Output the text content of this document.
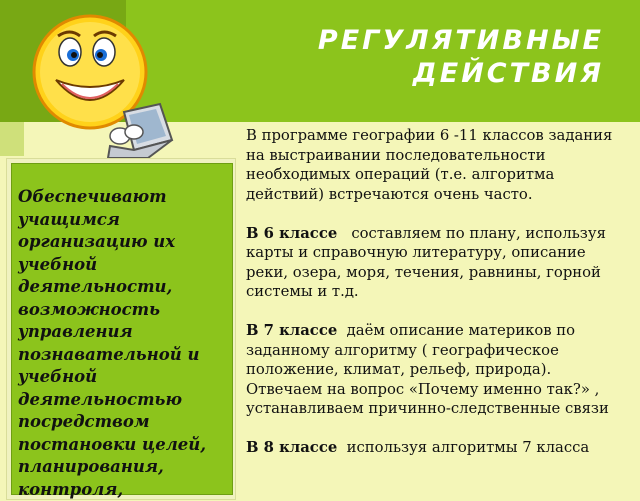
РЕГУЛЯТИВНЫЕ
ДЕЙСТВИЯ
Обеспечивают учащимся организацию их учебной деятельности, возможность управления познавательной и учебной деятельностью посредством постановки целей, планирования, контроля,

В программе географии 6 -11 классов задания на выстраивании последовательности необходимых операций (т.е. алгоритма действий) встречаются очень часто.

В 6 классе   составляем по плану, используя карты и справочную литературу, описание реки, озера, моря, течения, равнины, горной системы и т.д.

В 7 классе  даём описание материков по заданному алгоритму ( географическое положение, климат, рельеф, природа). Отвечаем на вопрос «Почему именно так?» , устанавливаем причинно-следственные связи

В 8 классе  используя алгоритмы 7 класса
